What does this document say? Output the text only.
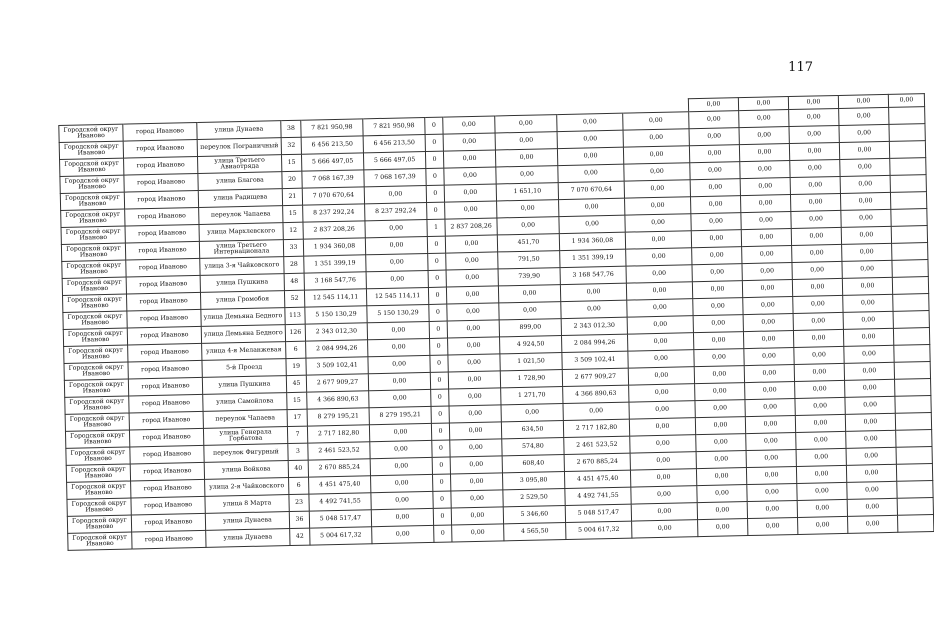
117
											0,00	0,00	0,00	0,00	0,00
Городской округ Иваново	город Иваново	улица Дунаева	38	7 821 950,98	7 821 950,98	0	0,00	0,00	0,00	0,00	0,00	0,00	0,00	0,00	
Городской округ Иваново	город Иваново	переулок Пограничный	32	6 456 213,50	6 456 213,50	0	0,00	0,00	0,00	0,00	0,00	0,00	0,00	0,00	
Городской округ Иваново	город Иваново	улица Третьего Авиаотряда	15	5 666 497,05	5 666 497,05	0	0,00	0,00	0,00	0,00	0,00	0,00	0,00	0,00	
Городской округ Иваново	город Иваново	улица Благова	20	7 068 167,39	7 068 167,39	0	0,00	0,00	0,00	0,00	0,00	0,00	0,00	0,00	
Городской округ Иваново	город Иваново	улица Радищева	21	7 070 670,64	0,00	0	0,00	1 651,10	7 070 670,64	0,00	0,00	0,00	0,00	0,00	
Городской округ Иваново	город Иваново	переулок Чапаева	15	8 237 292,24	8 237 292,24	0	0,00	0,00	0,00	0,00	0,00	0,00	0,00	0,00	
Городской округ Иваново	город Иваново	улица Мархлевского	12	2 837 208,26	0,00	1	2 837 208,26	0,00	0,00	0,00	0,00	0,00	0,00	0,00	
Городской округ Иваново	город Иваново	улица Третьего Интернационала	33	1 934 360,08	0,00	0	0,00	451,70	1 934 360,08	0,00	0,00	0,00	0,00	0,00	
Городской округ Иваново	город Иваново	улица 3-я Чайковского	28	1 351 399,19	0,00	0	0,00	791,50	1 351 399,19	0,00	0,00	0,00	0,00	0,00	
Городской округ Иваново	город Иваново	улица Пушкина	48	3 168 547,76	0,00	0	0,00	739,90	3 168 547,76	0,00	0,00	0,00	0,00	0,00	
Городской округ Иваново	город Иваново	улица Громобоя	52	12 545 114,11	12 545 114,11	0	0,00	0,00	0,00	0,00	0,00	0,00	0,00	0,00	
Городской округ Иваново	город Иваново	улица Демьяна Бедного	113	5 150 130,29	5 150 130,29	0	0,00	0,00	0,00	0,00	0,00	0,00	0,00	0,00	
Городской округ Иваново	город Иваново	улица Демьяна Бедного	126	2 343 012,30	0,00	0	0,00	899,00	2 343 012,30	0,00	0,00	0,00	0,00	0,00	
Городской округ Иваново	город Иваново	улица 4-я Меланжевая	6	2 084 994,26	0,00	0	0,00	4 924,50	2 084 994,26	0,00	0,00	0,00	0,00	0,00	
Городской округ Иваново	город Иваново	5-й Проезд	19	3 509 102,41	0,00	0	0,00	1 021,50	3 509 102,41	0,00	0,00	0,00	0,00	0,00	
Городской округ Иваново	город Иваново	улица Пушкина	45	2 677 909,27	0,00	0	0,00	1 728,90	2 677 909,27	0,00	0,00	0,00	0,00	0,00	
Городской округ Иваново	город Иваново	улица Самойлова	15	4 366 890,63	0,00	0	0,00	1 271,70	4 366 890,63	0,00	0,00	0,00	0,00	0,00	
Городской округ Иваново	город Иваново	переулок Чапаева	17	8 279 195,21	8 279 195,21	0	0,00	0,00	0,00	0,00	0,00	0,00	0,00	0,00	
Городской округ Иваново	город Иваново	улица Генерала Горбатова	7	2 717 182,80	0,00	0	0,00	634,50	2 717 182,80	0,00	0,00	0,00	0,00	0,00	
Городской округ Иваново	город Иваново	переулок Фигурный	3	2 461 523,52	0,00	0	0,00	574,80	2 461 523,52	0,00	0,00	0,00	0,00	0,00	
Городской округ Иваново	город Иваново	улица Войкова	40	2 670 885,24	0,00	0	0,00	608,40	2 670 885,24	0,00	0,00	0,00	0,00	0,00	
Городской округ Иваново	город Иваново	улица 2-я Чайковского	6	4 451 475,40	0,00	0	0,00	3 095,80	4 451 475,40	0,00	0,00	0,00	0,00	0,00	
Городской округ Иваново	город Иваново	улица 8 Марта	23	4 492 741,55	0,00	0	0,00	2 529,50	4 492 741,55	0,00	0,00	0,00	0,00	0,00	
Городской округ Иваново	город Иваново	улица Дунаева	36	5 048 517,47	0,00	0	0,00	5 346,60	5 048 517,47	0,00	0,00	0,00	0,00	0,00	
Городской округ Иваново	город Иваново	улица Дунаева	42	5 004 617,32	0,00	0	0,00	4 565,50	5 004 617,32	0,00	0,00	0,00	0,00	0,00	
